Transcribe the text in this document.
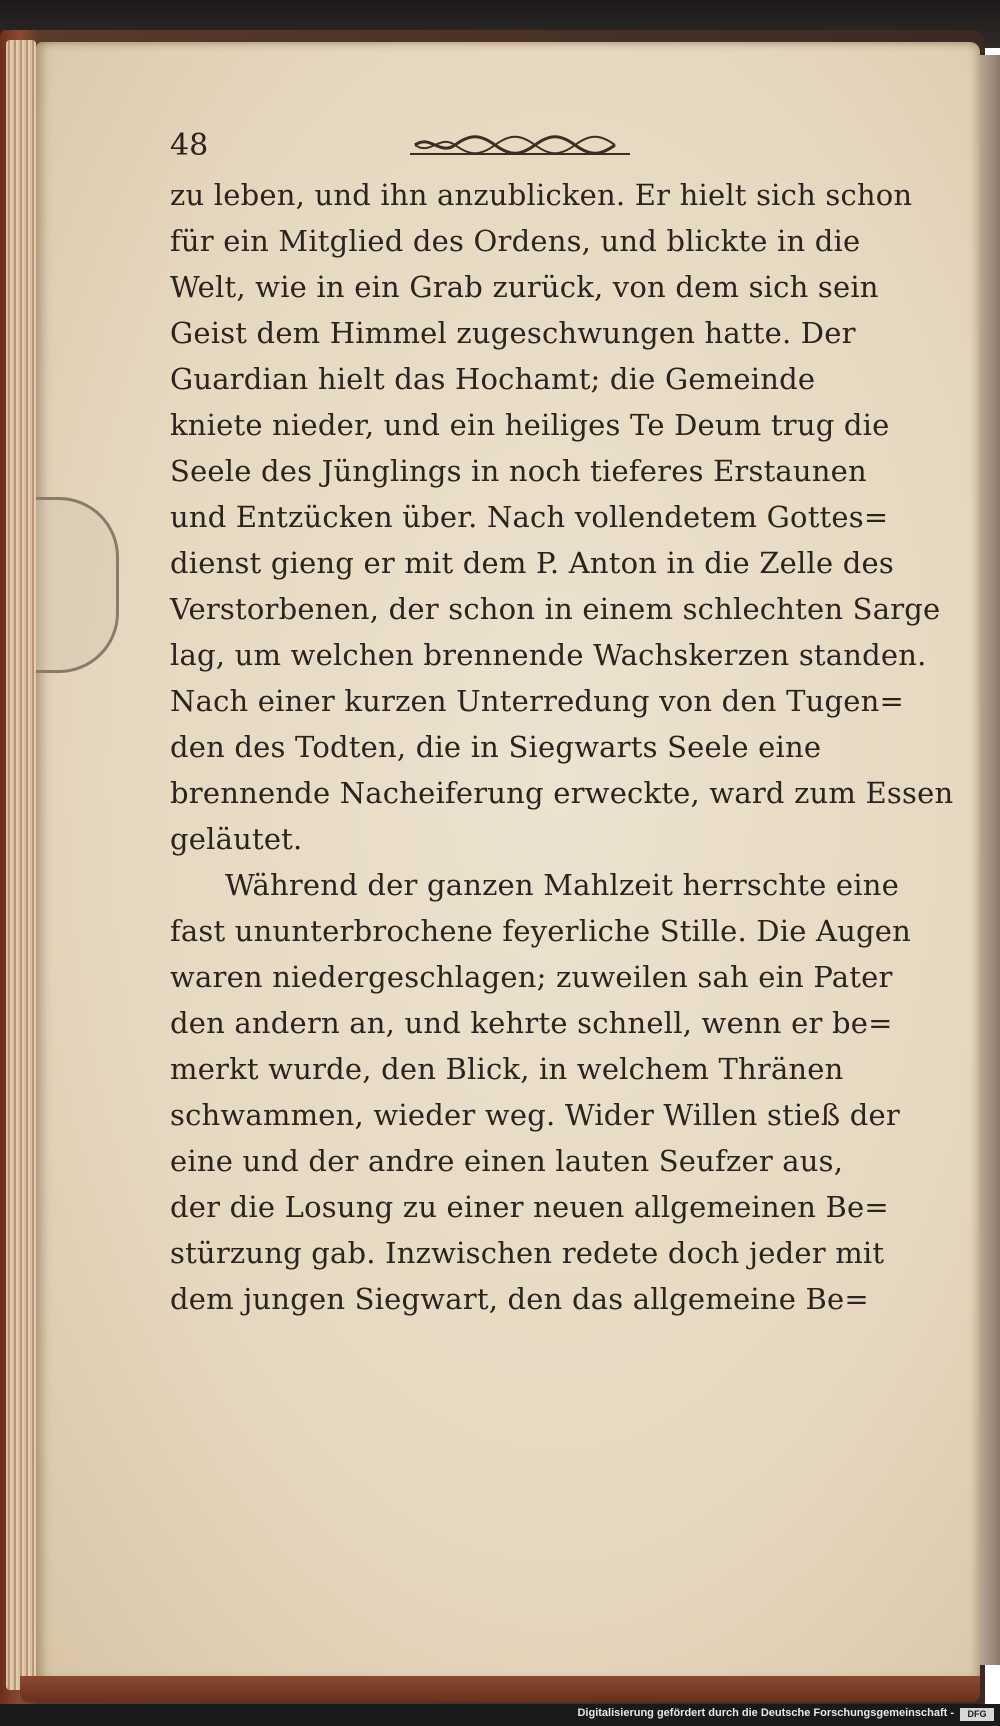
48
zu leben, und ihn anzublicken. Er hielt sich schon
für ein Mitglied des Ordens, und blickte in die
Welt, wie in ein Grab zurück, von dem sich sein
Geist dem Himmel zugeschwungen hatte. Der
Guardian hielt das Hochamt; die Gemeinde
kniete nieder, und ein heiliges Te Deum trug die
Seele des Jünglings in noch tieferes Erstaunen
und Entzücken über. Nach vollendetem Gottes=
dienst gieng er mit dem P. Anton in die Zelle des
Verstorbenen, der schon in einem schlechten Sarge
lag, um welchen brennende Wachskerzen standen.
Nach einer kurzen Unterredung von den Tugen=
den des Todten, die in Siegwarts Seele eine
brennende Nacheiferung erweckte, ward zum Essen
geläutet.
Während der ganzen Mahlzeit herrschte eine
fast ununterbrochene feyerliche Stille. Die Augen
waren niedergeschlagen; zuweilen sah ein Pater
den andern an, und kehrte schnell, wenn er be=
merkt wurde, den Blick, in welchem Thränen
schwammen, wieder weg. Wider Willen stieß der
eine und der andre einen lauten Seufzer aus,
der die Losung zu einer neuen allgemeinen Be=
stürzung gab. Inzwischen redete doch jeder mit
dem jungen Siegwart, den das allgemeine Be=
Digitalisierung gefördert durch die Deutsche Forschungsgemeinschaft -	DFG
